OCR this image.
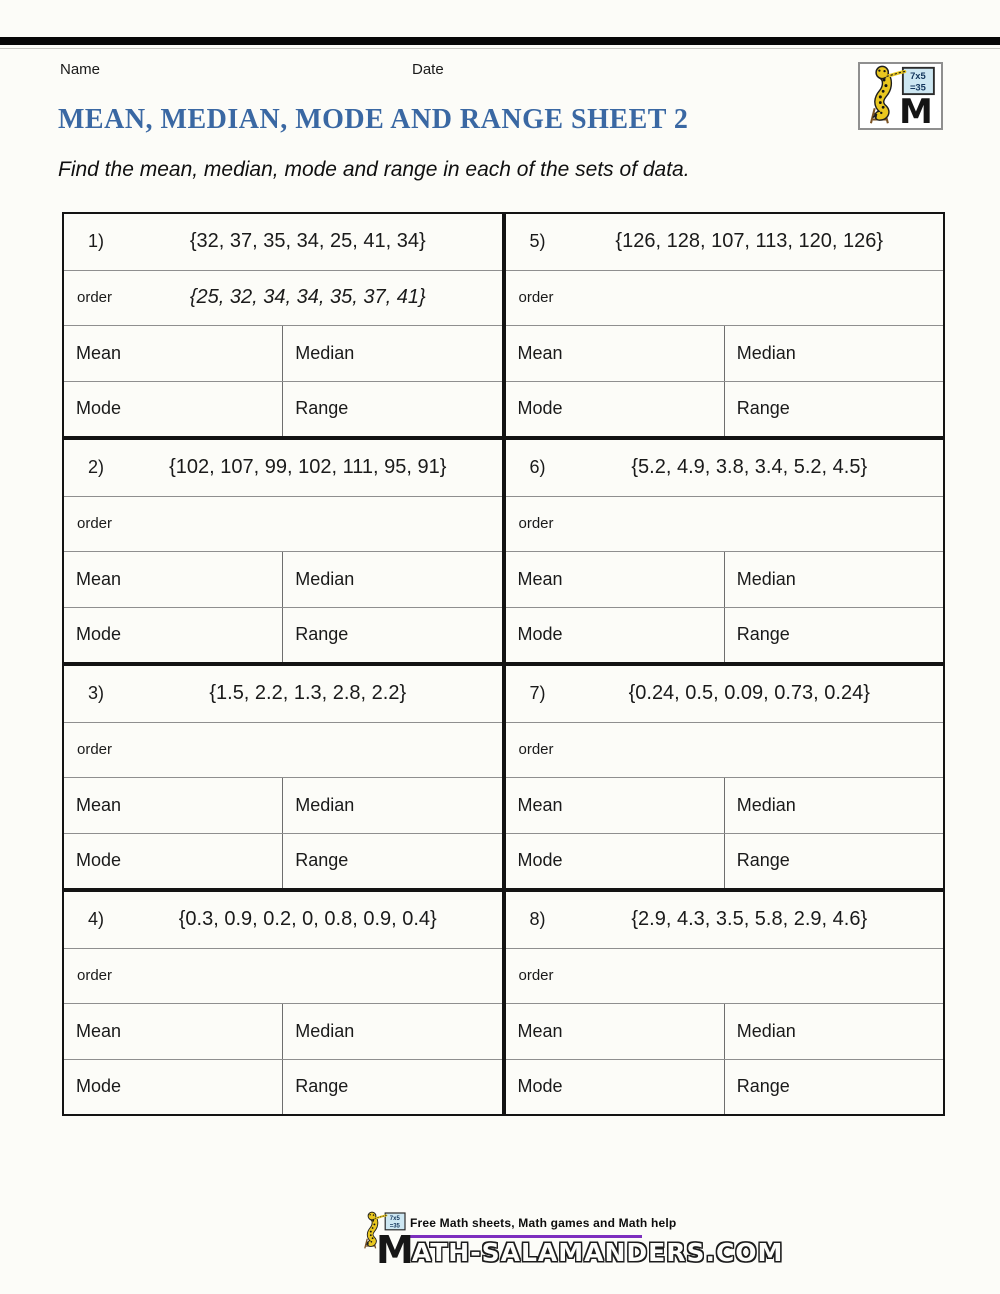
Name	Date
M
MEAN, MEDIAN, MODE AND RANGE SHEET 2
Find the mean, median, mode and range in each of the sets of data.
1)	{32, 37, 35, 34, 25, 41, 34}
order	{25, 32, 34, 34, 35, 37, 41}
Mean	Median
Mode	Range
5)	{126, 128, 107, 113, 120, 126}
order
Mean	Median
Mode	Range
2)	{102, 107, 99, 102, 111, 95, 91}
order
Mean	Median
Mode	Range
6)	{5.2, 4.9, 3.8, 3.4, 5.2, 4.5}
order
Mean	Median
Mode	Range
3)	{1.5, 2.2, 1.3, 2.8, 2.2}
order
Mean	Median
Mode	Range
7)	{0.24, 0.5, 0.09, 0.73, 0.24}
order
Mean	Median
Mode	Range
4)	{0.3, 0.9, 0.2, 0, 0.8, 0.9, 0.4}
order
Mean	Median
Mode	Range
8)	{2.9, 4.3, 3.5, 5.8, 2.9, 4.6}
order
Mean	Median
Mode	Range
Free Math sheets, Math games and Math help
M ATH-SALAMANDERS.COM
